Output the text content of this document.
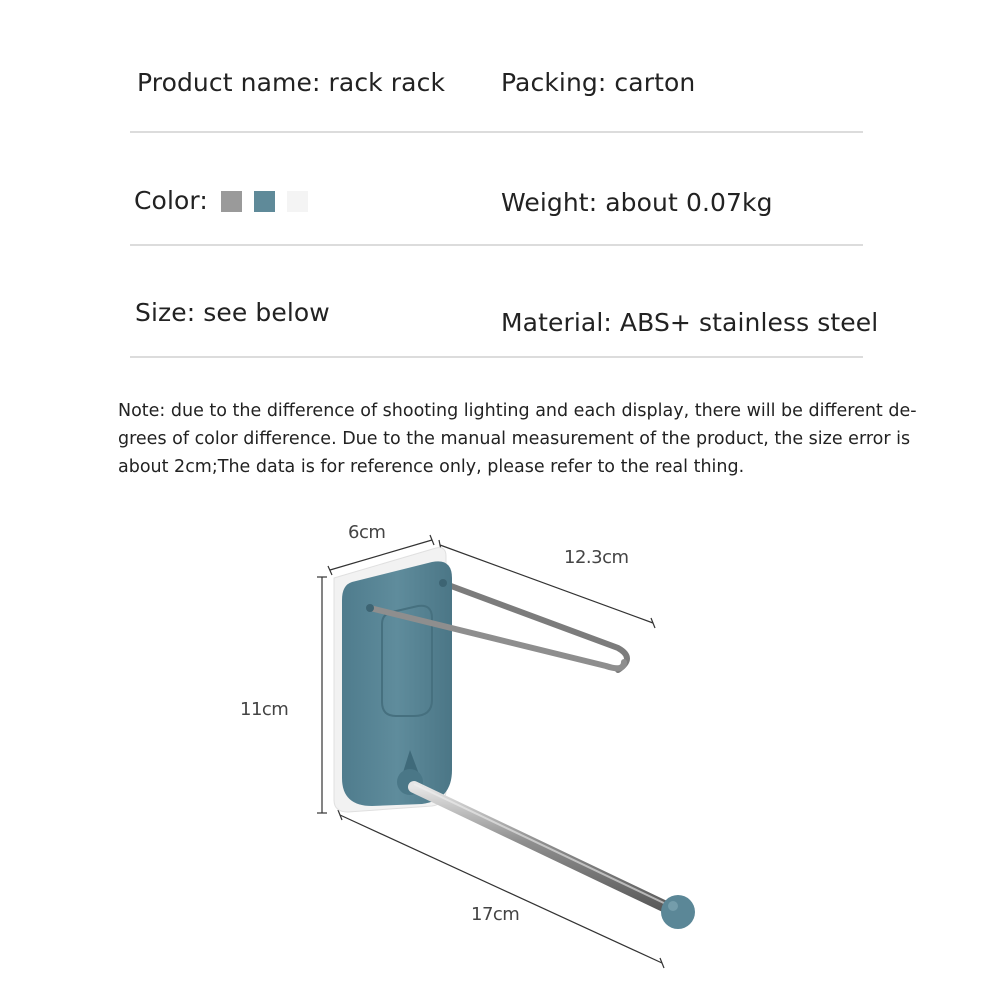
Product name: rack rack Packing: carton
Color:	Weight: about 0.07kg
Size: see below	Material: ABS+ stainless steel

Note: due to the difference of shooting lighting and each display, there will be different de-

grees of color difference. Due to the manual measurement of the product, the size error is

about 2cm;The data is for reference only, please refer to the real thing.

6cm
12.3cm
11cm
17cm
